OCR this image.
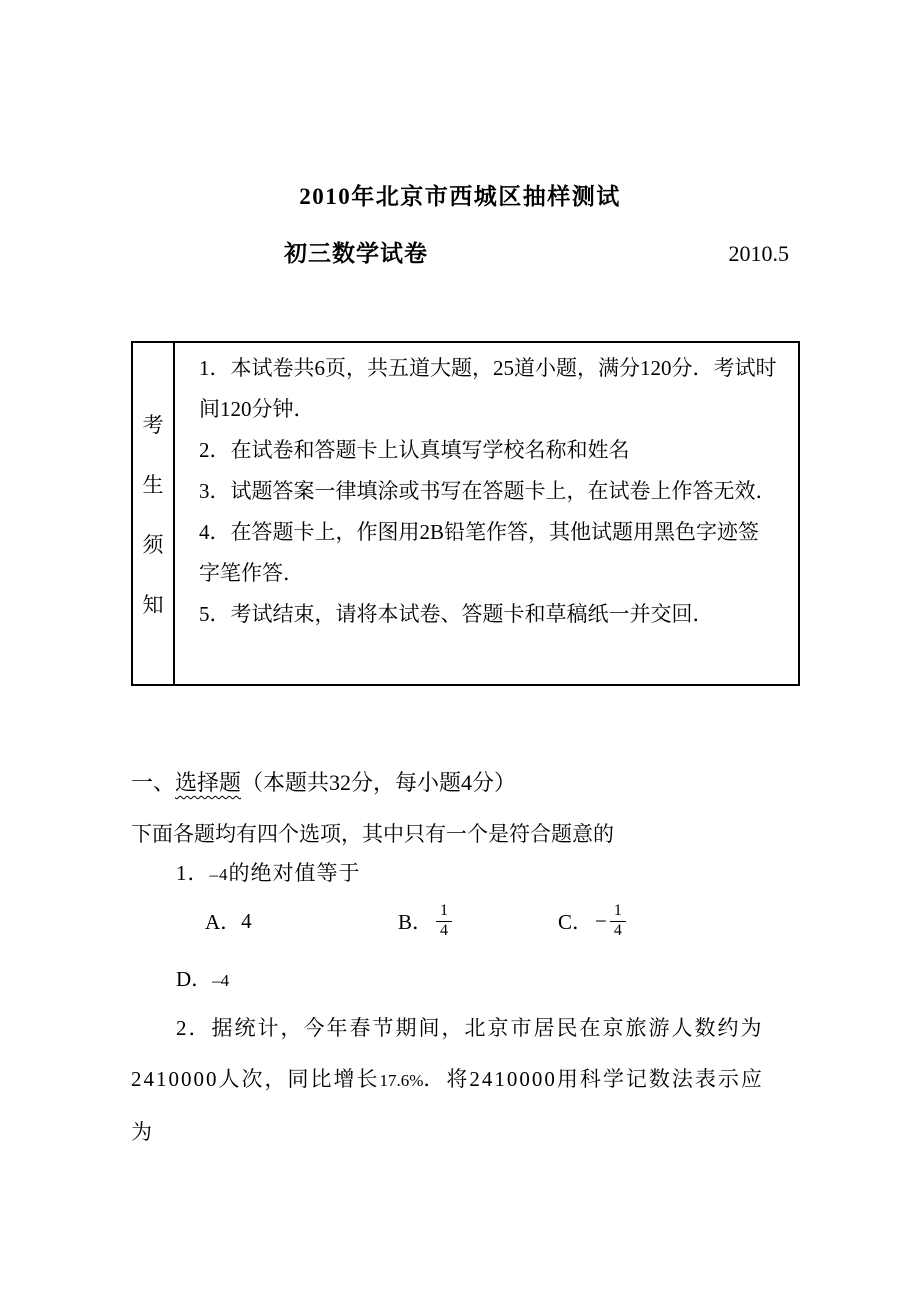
2010年北京市西城区抽样测试
初三数学试卷	2010.5
考
生
须
知

1．本试卷共6页，共五道大题，25道小题，满分120分．考试时间120分钟．

2．在试卷和答题卡上认真填写学校名称和姓名

3．试题答案一律填涂或书写在答题卡上，在试卷上作答无效．

4．在答题卡上，作图用2B铅笔作答，其他试题用黑色字迹签字笔作答．

5．考试结束，请将本试卷、答题卡和草稿纸一并交回．

一、选择题（本题共32分，每小题4分）
下面各题均有四个选项，其中只有一个是符合题意的
1．–4的绝对值等于
A． 4	B． $\frac{1}{4}$	C． − $\frac{1}{4}$
D．–4
2．据统计，今年春节期间，北京市居民在京旅游人数约为
2410000人次，同比增长17.6%．将2410000用科学记数法表示应
为
